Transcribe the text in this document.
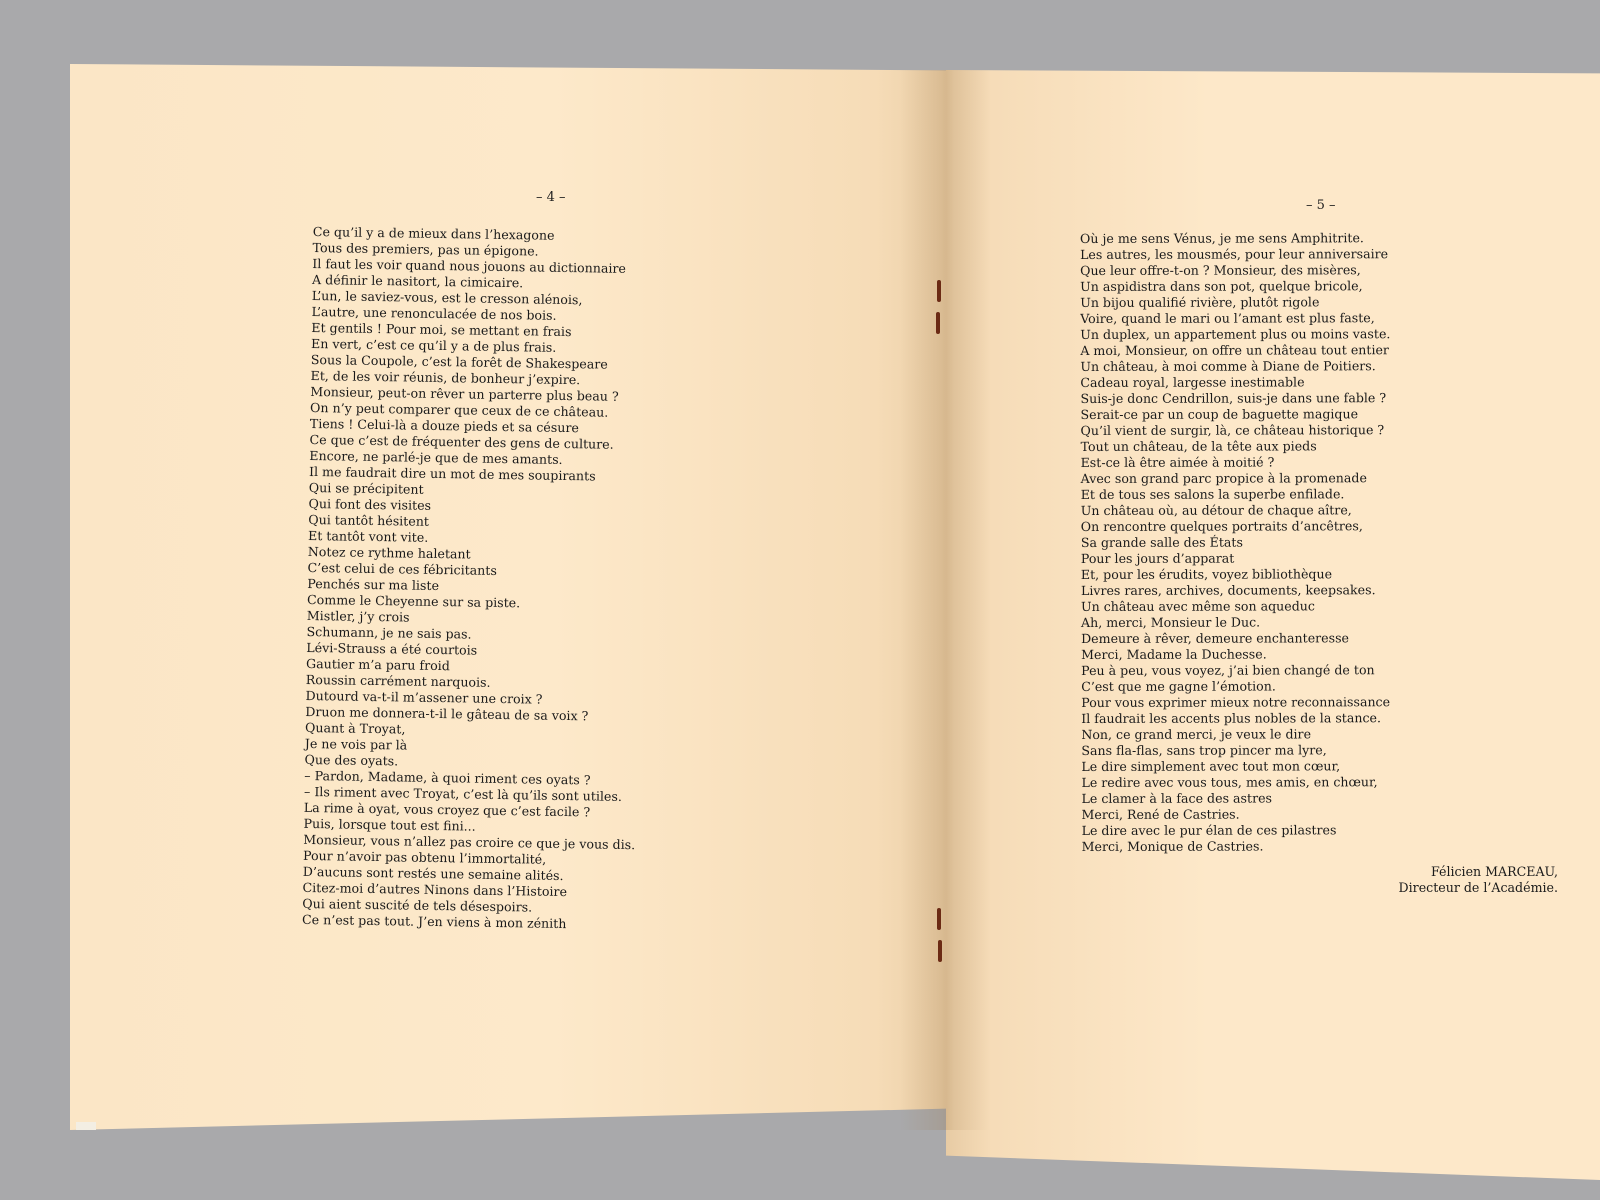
– 4 –
– 5 –
Ce qu’il y a de mieux dans l’hexagone
Tous des premiers, pas un épigone.
Il faut les voir quand nous jouons au dictionnaire
A définir le nasitort, la cimicaire.
L’un, le saviez-vous, est le cresson alénois,
L’autre, une renonculacée de nos bois.
Et gentils ! Pour moi, se mettant en frais
En vert, c’est ce qu’il y a de plus frais.
Sous la Coupole, c’est la forêt de Shakespeare
Et, de les voir réunis, de bonheur j’expire.
Monsieur, peut-on rêver un parterre plus beau ?
On n’y peut comparer que ceux de ce château.
Tiens ! Celui-là a douze pieds et sa césure
Ce que c’est de fréquenter des gens de culture.
Encore, ne parlé-je que de mes amants.
Il me faudrait dire un mot de mes soupirants
Qui se précipitent
Qui font des visites
Qui tantôt hésitent
Et tantôt vont vite.
Notez ce rythme haletant
C’est celui de ces fébricitants
Penchés sur ma liste
Comme le Cheyenne sur sa piste.
Mistler, j’y crois
Schumann, je ne sais pas.
Lévi-Strauss a été courtois
Gautier m’a paru froid
Roussin carrément narquois.
Dutourd va-t-il m’assener une croix ?
Druon me donnera-t-il le gâteau de sa voix ?
Quant à Troyat,
Je ne vois par là
Que des oyats.
– Pardon, Madame, à quoi riment ces oyats ?
– Ils riment avec Troyat, c’est là qu’ils sont utiles.
La rime à oyat, vous croyez que c’est facile ?
Puis, lorsque tout est fini...
Monsieur, vous n’allez pas croire ce que je vous dis.
Pour n’avoir pas obtenu l’immortalité,
D’aucuns sont restés une semaine alités.
Citez-moi d’autres Ninons dans l’Histoire
Qui aient suscité de tels désespoirs.
Ce n’est pas tout. J’en viens à mon zénith
Où je me sens Vénus, je me sens Amphitrite.
Les autres, les mousmés, pour leur anniversaire
Que leur offre-t-on ? Monsieur, des misères,
Un aspidistra dans son pot, quelque bricole,
Un bijou qualifié rivière, plutôt rigole
Voire, quand le mari ou l’amant est plus faste,
Un duplex, un appartement plus ou moins vaste.
A moi, Monsieur, on offre un château tout entier
Un château, à moi comme à Diane de Poitiers.
Cadeau royal, largesse inestimable
Suis-je donc Cendrillon, suis-je dans une fable ?
Serait-ce par un coup de baguette magique
Qu’il vient de surgir, là, ce château historique ?
Tout un château, de la tête aux pieds
Est-ce là être aimée à moitié ?
Avec son grand parc propice à la promenade
Et de tous ses salons la superbe enfilade.
Un château où, au détour de chaque aître,
On rencontre quelques portraits d’ancêtres,
Sa grande salle des États
Pour les jours d’apparat
Et, pour les érudits, voyez bibliothèque
Livres rares, archives, documents, keepsakes.
Un château avec même son aqueduc
Ah, merci, Monsieur le Duc.
Demeure à rêver, demeure enchanteresse
Merci, Madame la Duchesse.
Peu à peu, vous voyez, j’ai bien changé de ton
C’est que me gagne l’émotion.
Pour vous exprimer mieux notre reconnaissance
Il faudrait les accents plus nobles de la stance.
Non, ce grand merci, je veux le dire
Sans fla-flas, sans trop pincer ma lyre,
Le dire simplement avec tout mon cœur,
Le redire avec vous tous, mes amis, en chœur,
Le clamer à la face des astres
Merci, René de Castries.
Le dire avec le pur élan de ces pilastres
Merci, Monique de Castries.
Félicien MARCEAU,
Directeur de l’Académie.
